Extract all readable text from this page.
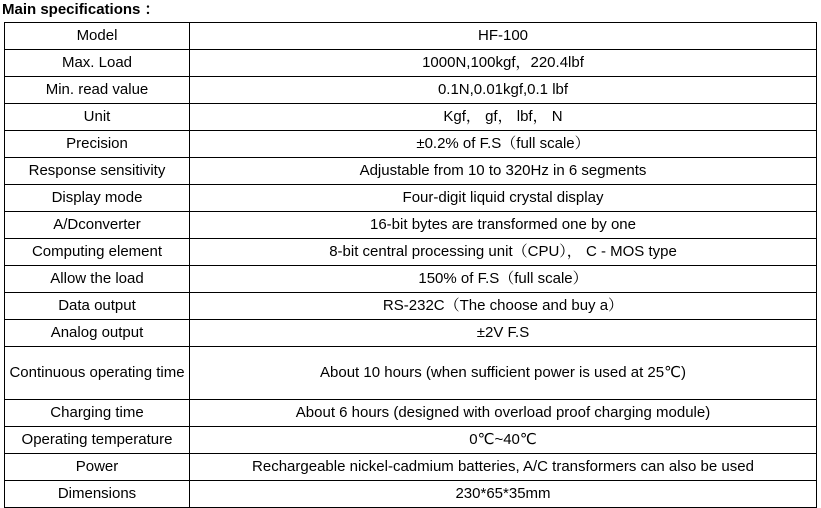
Main specifications ：
Model	HF-100
Max. Load	1000N,100kgf，220.4lbf
Min. read value	0.1N,0.01kgf,0.1 lbf
Unit	Kgf， gf， lbf， N
Precision	±0.2% of F.S（full scale）
Response sensitivity	Adjustable from 10 to 320Hz in 6 segments
Display mode	Four-digit liquid crystal display
A/Dconverter	16-bit bytes are transformed one by one
Computing element	8-bit central processing unit（CPU）， C - MOS type
Allow the load	150% of F.S（full scale）
Data output	RS-232C（The choose and buy a）
Analog output	±2V F.S
Continuous operating time	About 10 hours (when sufficient power is used at 25℃)
Charging time	About 6 hours (designed with overload proof charging module)
Operating temperature	0℃~40℃
Power	Rechargeable nickel-cadmium batteries, A/C transformers can also be used
Dimensions	230*65*35mm
